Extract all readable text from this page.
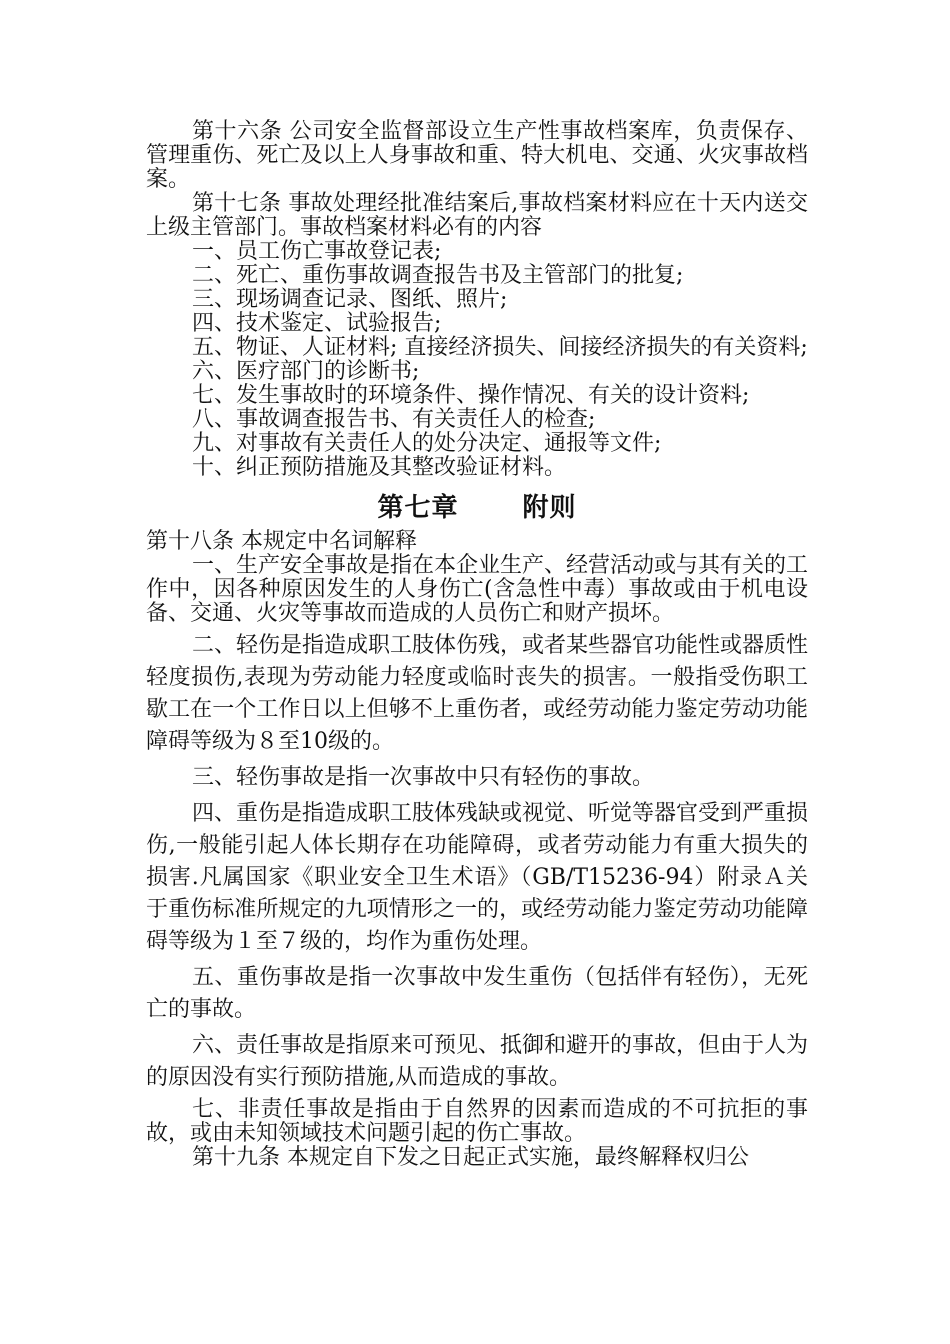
第十六条 公司安全监督部设立生产性事故档案库，负责保存、管理重伤、死亡及以上人身事故和重、特大机电、交通、火灾事故档案。

第十七条 事故处理经批准结案后,事故档案材料应在十天内送交上级主管部门。事故档案材料必有的内容

一、员工伤亡事故登记表;

二、死亡、重伤事故调查报告书及主管部门的批复;

三、现场调查记录、图纸、照片;

四、技术鉴定、试验报告;

五、物证、人证材料; 直接经济损失、间接经济损失的有关资料;

六、医疗部门的诊断书;

七、发生事故时的环境条件、操作情况、有关的设计资料;

八、事故调查报告书、有关责任人的检查;

九、对事故有关责任人的处分决定、通报等文件;

十、纠正预防措施及其整改验证材料。

第七章 附则

第十八条 本规定中名词解释

一、生产安全事故是指在本企业生产、经营活动或与其有关的工作中，因各种原因发生的人身伤亡(含急性中毒）事故或由于机电设备、交通、火灾等事故而造成的人员伤亡和财产损坏。

二、轻伤是指造成职工肢体伤残，或者某些器官功能性或器质性轻度损伤,表现为劳动能力轻度或临时丧失的损害。一般指受伤职工歇工在一个工作日以上但够不上重伤者，或经劳动能力鉴定劳动功能障碍等级为８至10级的。

三、轻伤事故是指一次事故中只有轻伤的事故。

四、重伤是指造成职工肢体残缺或视觉、听觉等器官受到严重损伤,一般能引起人体长期存在功能障碍，或者劳动能力有重大损失的损害.凡属国家《职业安全卫生术语》（GB/T15236-94）附录Ａ关于重伤标准所规定的九项情形之一的，或经劳动能力鉴定劳动功能障碍等级为１至７级的，均作为重伤处理。

五、重伤事故是指一次事故中发生重伤（包括伴有轻伤），无死亡的事故。

六、责任事故是指原来可预见、抵御和避开的事故，但由于人为的原因没有实行预防措施,从而造成的事故。

七、非责任事故是指由于自然界的因素而造成的不可抗拒的事故，或由未知领域技术问题引起的伤亡事故。

第十九条 本规定自下发之日起正式实施，最终解释权归公
